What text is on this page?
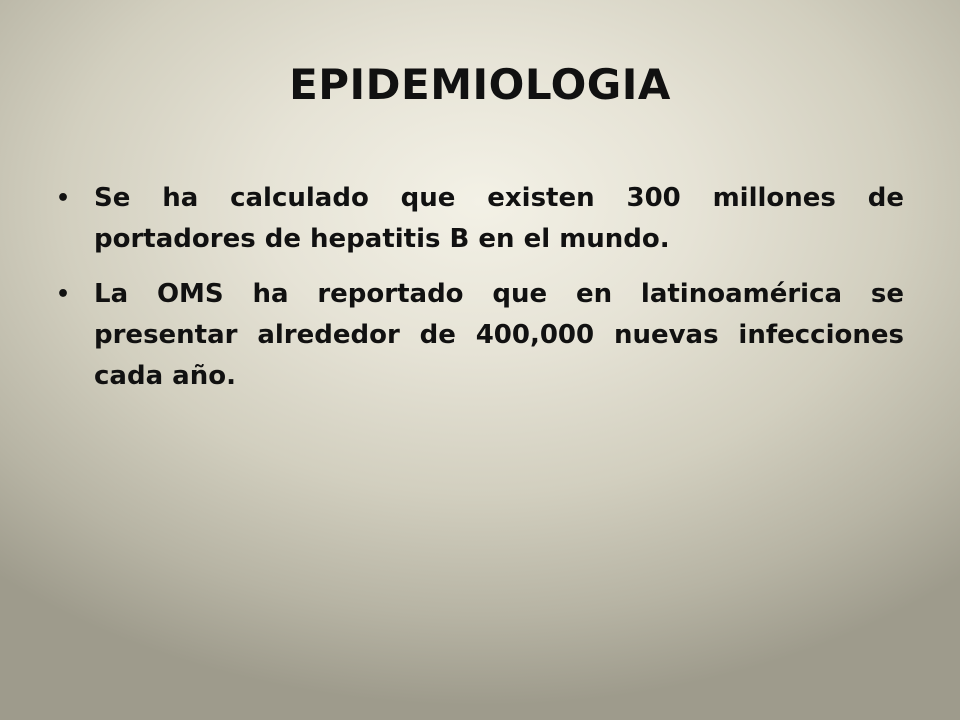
EPIDEMIOLOGIA
• Se ha calculado que existen 300 millones de portadores de hepatitis B en el mundo.
• La OMS ha reportado que en latinoamérica se presentar alrededor de 400,000 nuevas infecciones cada año.
